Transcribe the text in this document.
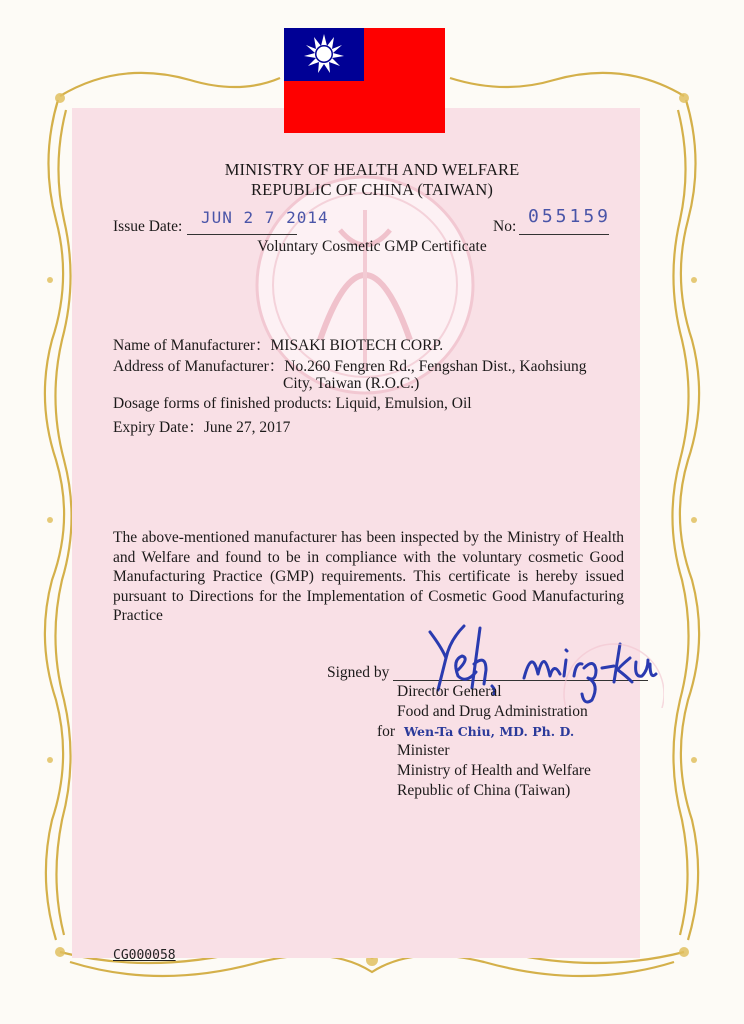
MINISTRY OF HEALTH AND WELFARE

REPUBLIC OF CHINA (TAIWAN)

Issue Date: JUN 2 7 2014	No: 055159

Voluntary Cosmetic GMP Certificate

Name of Manufacturer：MISAKI BIOTECH CORP.

Address of Manufacturer：No.260 Fengren Rd., Fengshan Dist., Kaohsiung

City, Taiwan (R.O.C.)

Dosage forms of finished products: Liquid, Emulsion, Oil

Expiry Date：June 27, 2017

The above-mentioned manufacturer has been inspected by the Ministry of Health and Welfare and found to be in compliance with the voluntary cosmetic Good Manufacturing Practice (GMP) requirements. This certificate is hereby issued pursuant to Directions for the Implementation of Cosmetic Good Manufacturing Practice

Signed by

Director General

Food and Drug Administration

for Wen-Ta Chiu, MD. Ph. D.

Minister

Ministry of Health and Welfare

Republic of China (Taiwan)

CG000058
